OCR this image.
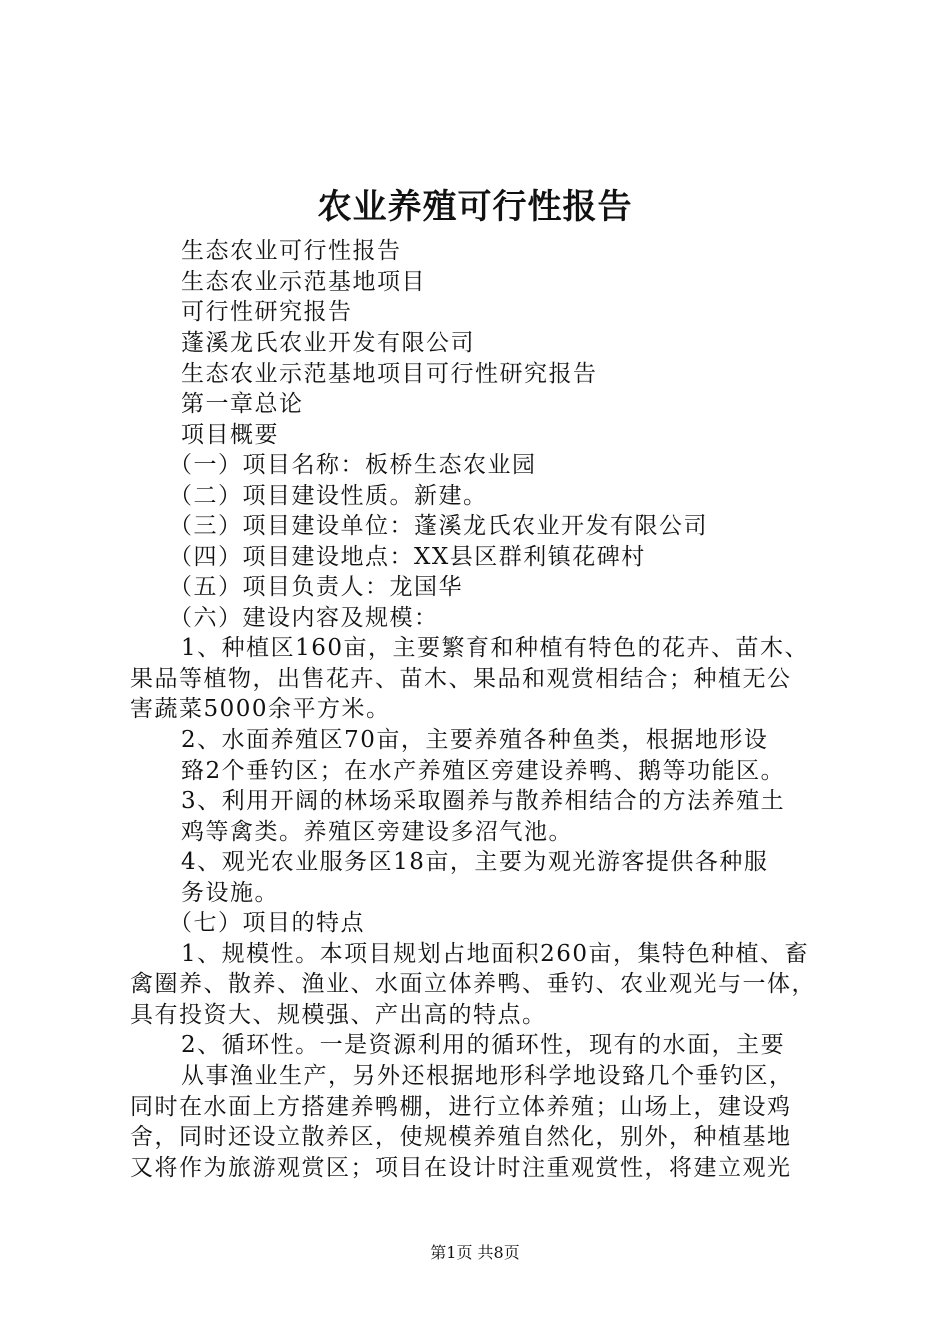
农业养殖可行性报告

生态农业可行性报告

生态农业示范基地项目

可行性研究报告

蓬溪龙氏农业开发有限公司

生态农业示范基地项目可行性研究报告

第一章总论

项目概要

（一）项目名称：板桥生态农业园

（二）项目建设性质。新建。

（三）项目建设单位：蓬溪龙氏农业开发有限公司

（四）项目建设地点：XX县区群利镇花碑村

（五）项目负责人：龙国华

（六）建设内容及规模：

1、种植区160亩，主要繁育和种植有特色的花卉、苗木、

果品等植物，出售花卉、苗木、果品和观赏相结合；种植无公

害蔬菜5000余平方米。

2、水面养殖区70亩，主要养殖各种鱼类，根据地形设

臵2个垂钓区；在水产养殖区旁建设养鸭、鹅等功能区。

3、利用开阔的林场采取圈养与散养相结合的方法养殖土

鸡等禽类。养殖区旁建设多沼气池。

4、观光农业服务区18亩，主要为观光游客提供各种服

务设施。

（七）项目的特点

1、规模性。本项目规划占地面积260亩，集特色种植、畜

禽圈养、散养、渔业、水面立体养鸭、垂钓、农业观光与一体，

具有投资大、规模强、产出高的特点。

2、循环性。一是资源利用的循环性，现有的水面，主要

从事渔业生产，另外还根据地形科学地设臵几个垂钓区，

同时在水面上方搭建养鸭棚，进行立体养殖；山场上，建设鸡

舍，同时还设立散养区，使规模养殖自然化，别外，种植基地

又将作为旅游观赏区；项目在设计时注重观赏性，将建立观光

第1页 共8页
